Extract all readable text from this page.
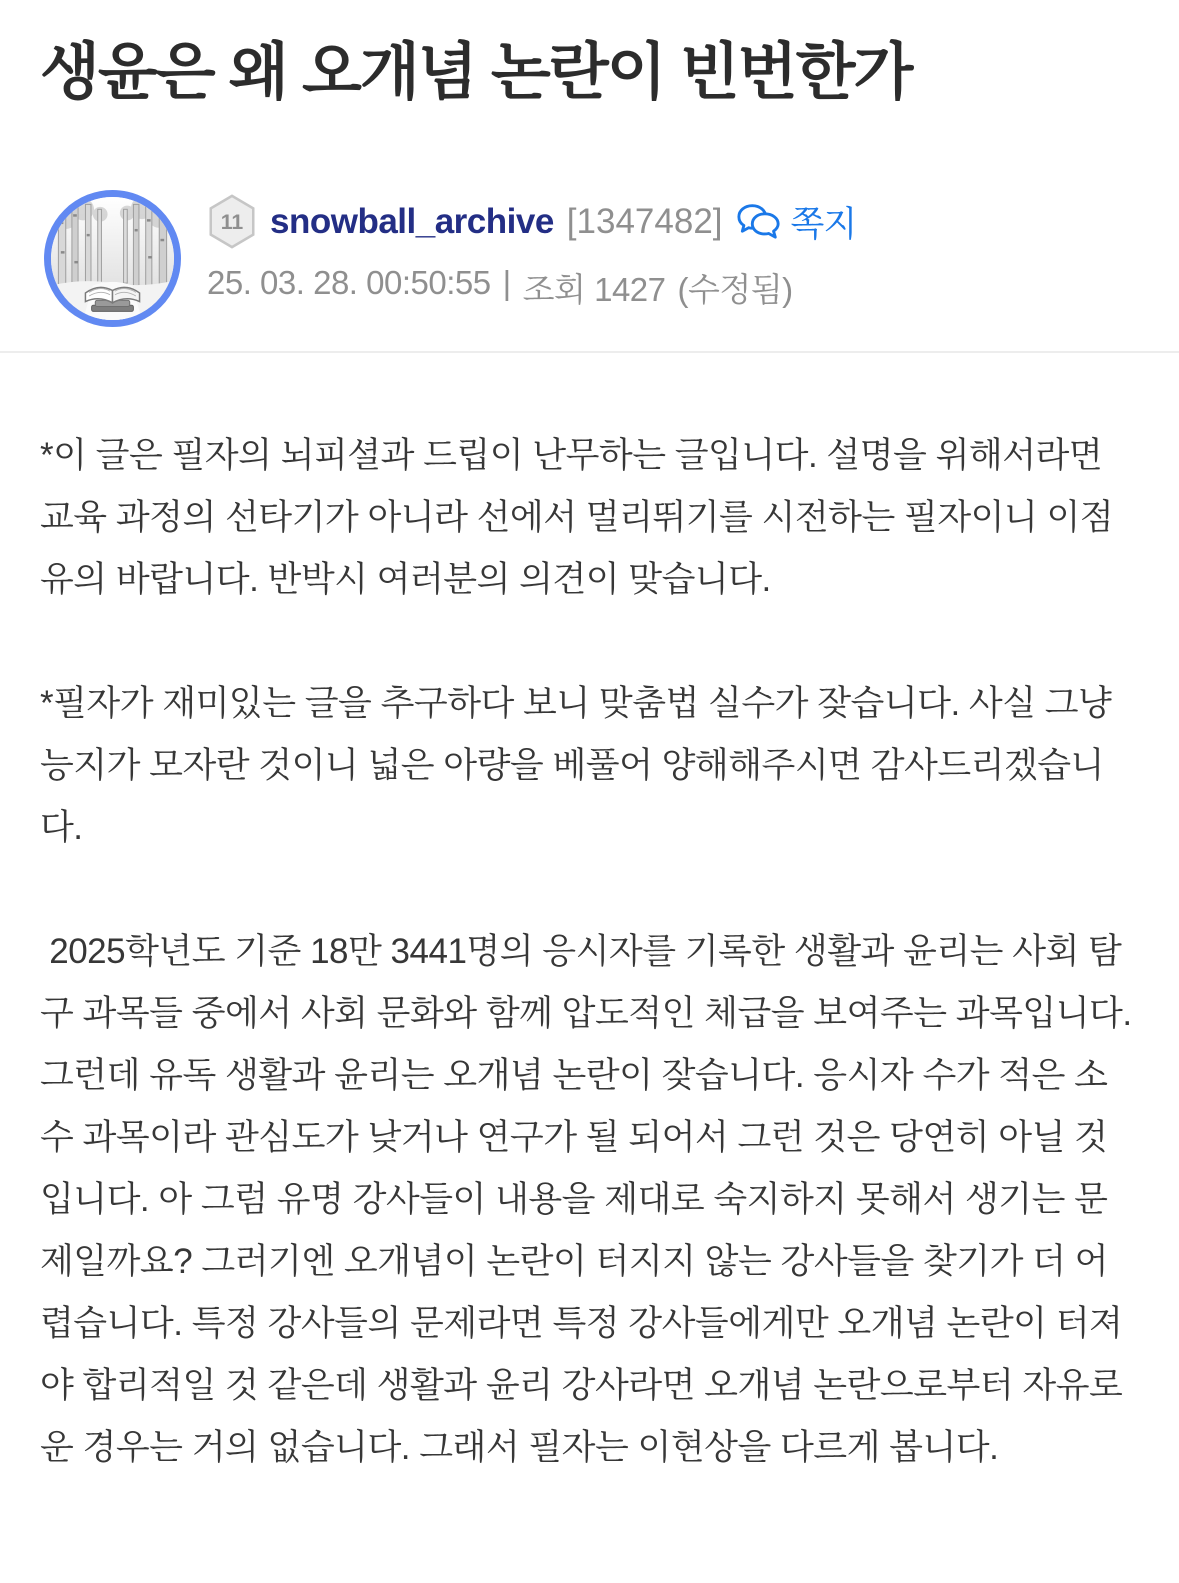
생윤은 왜 오개념 논란이 빈번한가
11 snowball_archive [1347482] 쪽지
25. 03. 28. 00:50:55 | 조회 1427 (수정됨)

*이 글은 필자의 뇌피셜과 드립이 난무하는 글입니다. 설명을 위해서라면 교육 과정의 선타기가 아니라 선에서 멀리뛰기를 시전하는 필자이니 이점 유의 바랍니다. 반박시 여러분의 의견이 맞습니다.

*필자가 재미있는 글을 추구하다 보니 맞춤법 실수가 잦습니다. 사실 그냥 능지가 모자란 것이니 넓은 아량을 베풀어 양해해주시면 감사드리겠습니다.

2025학년도 기준 18만 3441명의 응시자를 기록한 생활과 윤리는 사회 탐구 과목들 중에서 사회 문화와 함께 압도적인 체급을 보여주는 과목입니다. 그런데 유독 생활과 윤리는 오개념 논란이 잦습니다. 응시자 수가 적은 소수 과목이라 관심도가 낮거나 연구가 될 되어서 그런 것은 당연히 아닐 것입니다. 아 그럼 유명 강사들이 내용을 제대로 숙지하지 못해서 생기는 문제일까요? 그러기엔 오개념이 논란이 터지지 않는 강사들을 찾기가 더 어렵습니다. 특정 강사들의 문제라면 특정 강사들에게만 오개념 논란이 터져야 합리적일 것 같은데 생활과 윤리 강사라면 오개념 논란으로부터 자유로운 경우는 거의 없습니다. 그래서 필자는 이현상을 다르게 봅니다.
